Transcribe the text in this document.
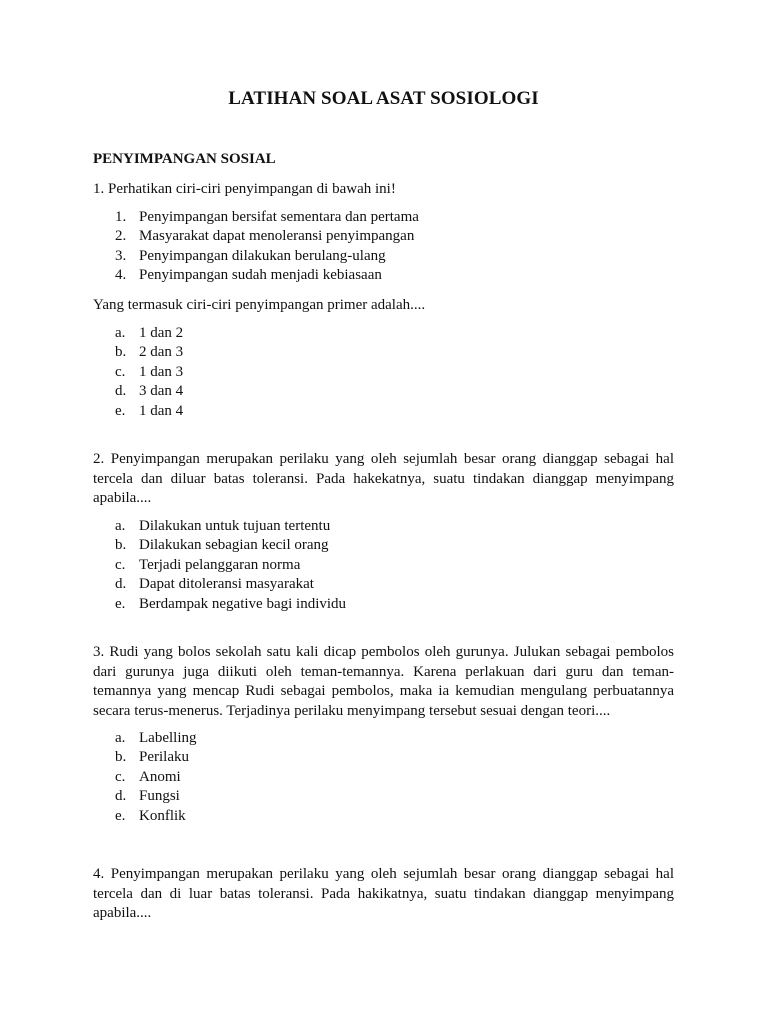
LATIHAN SOAL ASAT SOSIOLOGI
PENYIMPANGAN SOSIAL
1. Perhatikan ciri-ciri penyimpangan di bawah ini!
1. Penyimpangan bersifat sementara dan pertama
2. Masyarakat dapat menoleransi penyimpangan
3. Penyimpangan dilakukan berulang-ulang
4. Penyimpangan sudah menjadi kebiasaan
Yang termasuk ciri-ciri penyimpangan primer adalah....
a. 1 dan 2
b. 2 dan 3
c. 1 dan 3
d. 3 dan 4
e. 1 dan 4
2. Penyimpangan merupakan perilaku yang oleh sejumlah besar orang dianggap sebagai hal tercela dan diluar batas toleransi. Pada hakekatnya, suatu tindakan dianggap menyimpang apabila....
a. Dilakukan untuk tujuan tertentu
b. Dilakukan sebagian kecil orang
c. Terjadi pelanggaran norma
d. Dapat ditoleransi masyarakat
e. Berdampak negative bagi individu
3. Rudi yang bolos sekolah satu kali dicap pembolos oleh gurunya. Julukan sebagai pembolos dari gurunya juga diikuti oleh teman-temannya. Karena perlakuan dari guru dan teman-temannya yang mencap Rudi sebagai pembolos, maka ia kemudian mengulang perbuatannya secara terus-menerus. Terjadinya perilaku menyimpang tersebut sesuai dengan teori....
a. Labelling
b. Perilaku
c. Anomi
d. Fungsi
e. Konflik
4. Penyimpangan merupakan perilaku yang oleh sejumlah besar orang dianggap sebagai hal tercela dan di luar batas toleransi. Pada hakikatnya, suatu tindakan dianggap menyimpang apabila....
